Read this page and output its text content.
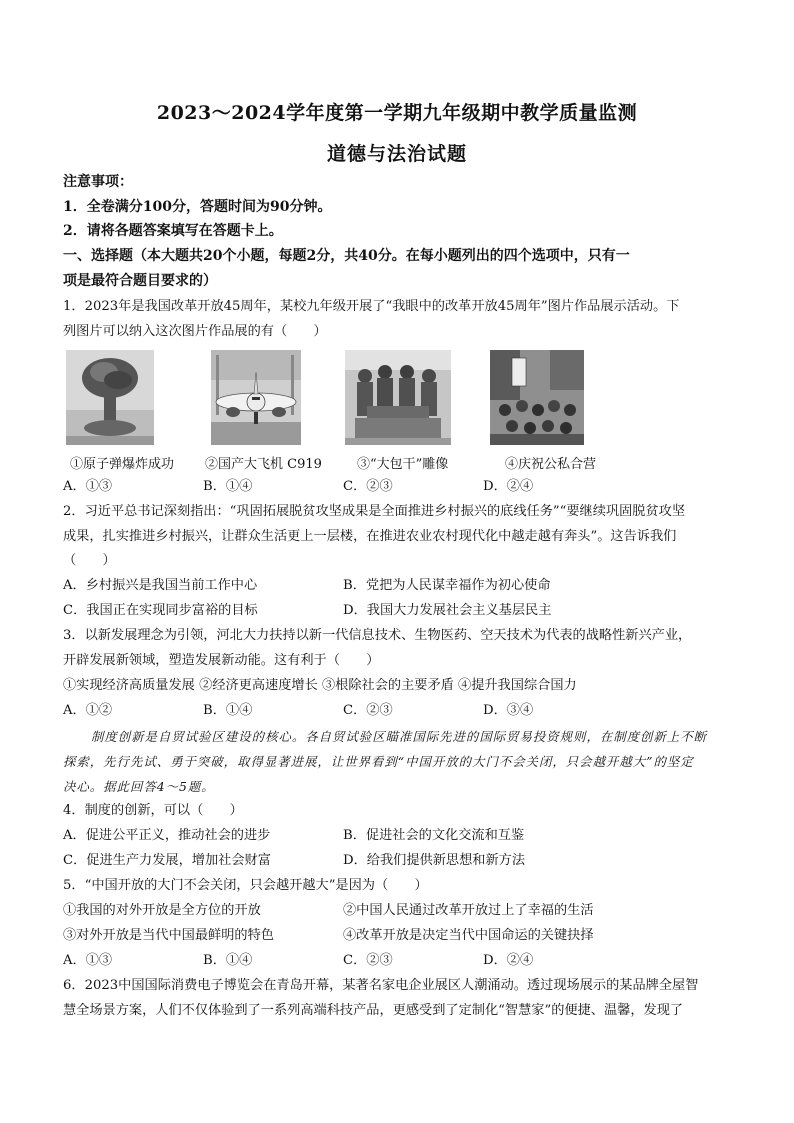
2023～2024学年度第一学期九年级期中教学质量监测
道德与法治试题
注意事项：
1．全卷满分100分，答题时间为90分钟。
2．请将各题答案填写在答题卡上。
一、选择题（本大题共20个小题，每题2分，共40分。在每小题列出的四个选项中，只有一
项是最符合题目要求的）
1．2023年是我国改革开放45周年，某校九年级开展了“我眼中的改革开放45周年”图片作品展示活动。下
列图片可以纳入这次图片作品展的有（　　）
①原子弹爆炸成功 ②国产大飞机 C919	③“大包干”雕像	④庆祝公私合营
A．①③	B．①④	C．②③	D．②④
2．习近平总书记深刻指出：“巩固拓展脱贫攻坚成果是全面推进乡村振兴的底线任务”“要继续巩固脱贫攻坚
成果，扎实推进乡村振兴，让群众生活更上一层楼，在推进农业农村现代化中越走越有奔头”。这告诉我们
（　　）
A．乡村振兴是我国当前工作中心	B．党把为人民谋幸福作为初心使命
C．我国正在实现同步富裕的目标	D．我国大力发展社会主义基层民主
3．以新发展理念为引领，河北大力扶持以新一代信息技术、生物医药、空天技术为代表的战略性新兴产业，
开辟发展新领域，塑造发展新动能。这有利于（　　）
①实现经济高质量发展 ②经济更高速度增长 ③根除社会的主要矛盾 ④提升我国综合国力
A．①②	B．①④	C．②③	D．③④
制度创新是自贸试验区建设的核心。各自贸试验区瞄准国际先进的国际贸易投资规则，在制度创新上不断
探索，先行先试、勇于突破，取得显著进展，让世界看到“中国开放的大门不会关闭，只会越开越大”的坚定
决心。据此回答4～5题。
4．制度的创新，可以（　　）
A．促进公平正义，推动社会的进步	B．促进社会的文化交流和互鉴
C．促进生产力发展，增加社会财富	D．给我们提供新思想和新方法
5．“中国开放的大门不会关闭，只会越开越大”是因为（　　）
①我国的对外开放是全方位的开放	②中国人民通过改革开放过上了幸福的生活
③对外开放是当代中国最鲜明的特色	④改革开放是决定当代中国命运的关键抉择
A．①③	B．①④	C．②③	D．②④
6．2023中国国际消费电子博览会在青岛开幕，某著名家电企业展区人潮涌动。透过现场展示的某品牌全屋智
慧全场景方案，人们不仅体验到了一系列高端科技产品，更感受到了定制化“智慧家”的便捷、温馨，发现了
